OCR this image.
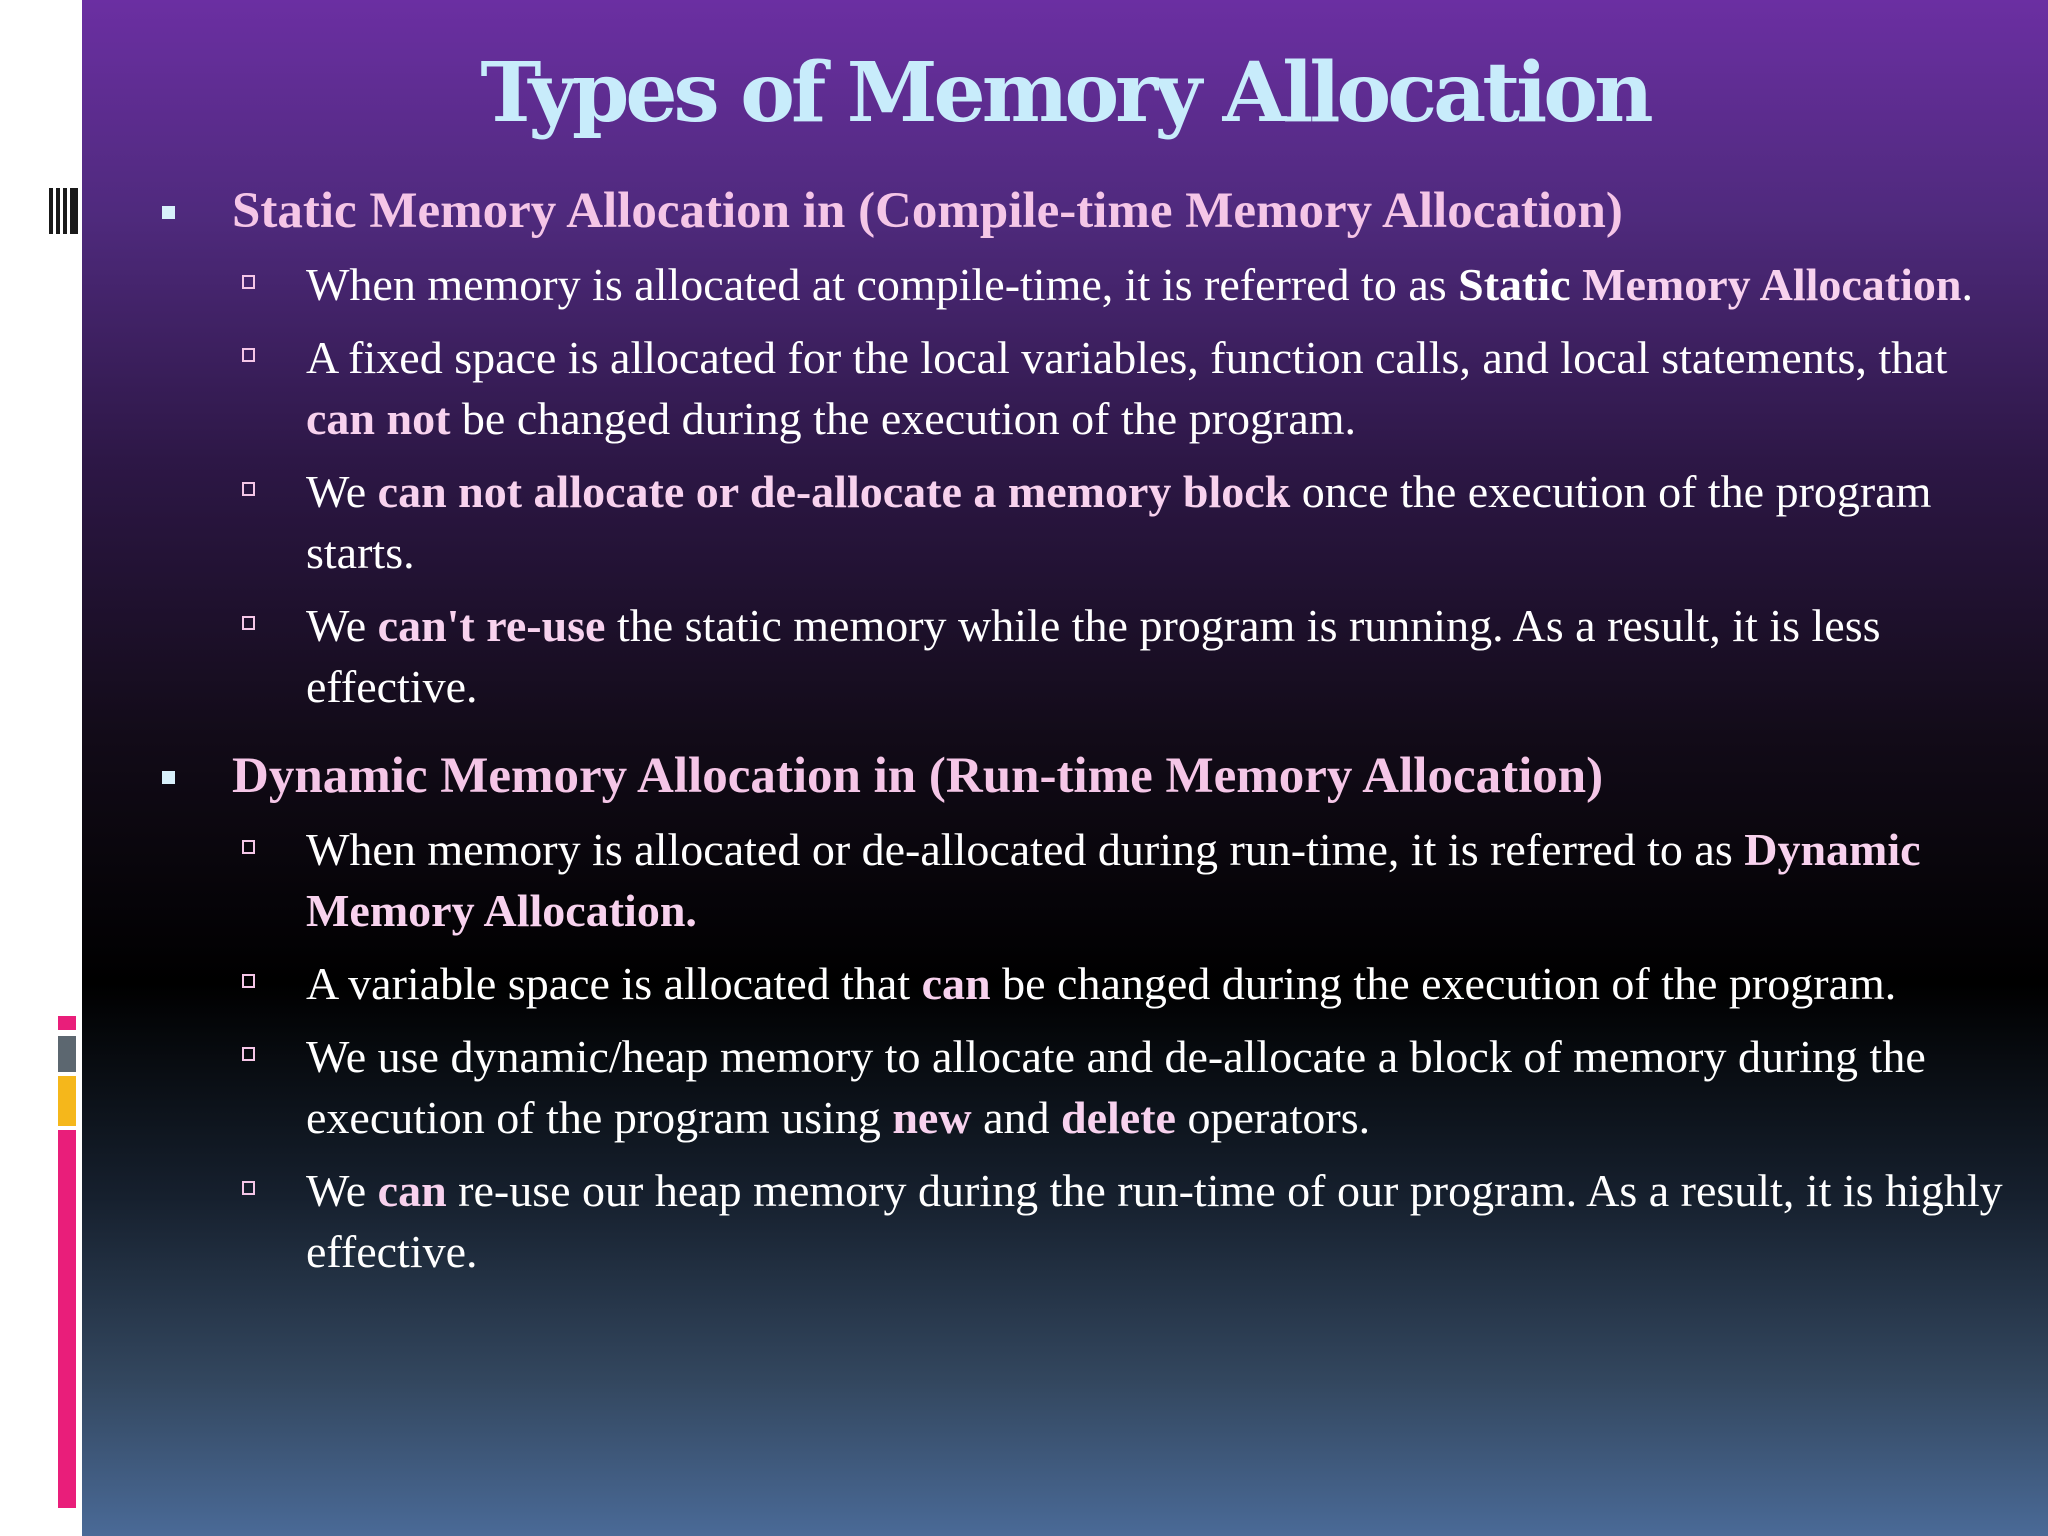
Types of Memory Allocation
Static Memory Allocation in (Compile-time Memory Allocation)
When memory is allocated at compile-time, it is referred to as Static Memory Allocation.
A fixed space is allocated for the local variables, function calls, and local statements, that can not be changed during the execution of the program.
We can not allocate or de-allocate a memory block once the execution of the program starts.
We can't re-use the static memory while the program is running. As a result, it is less effective.
Dynamic Memory Allocation in (Run-time Memory Allocation)
When memory is allocated or de-allocated during run-time, it is referred to as Dynamic Memory Allocation.
A variable space is allocated that can be changed during the execution of the program.
We use dynamic/heap memory to allocate and de-allocate a block of memory during the execution of the program using new and delete operators.
We can re-use our heap memory during the run-time of our program. As a result, it is highly effective.
